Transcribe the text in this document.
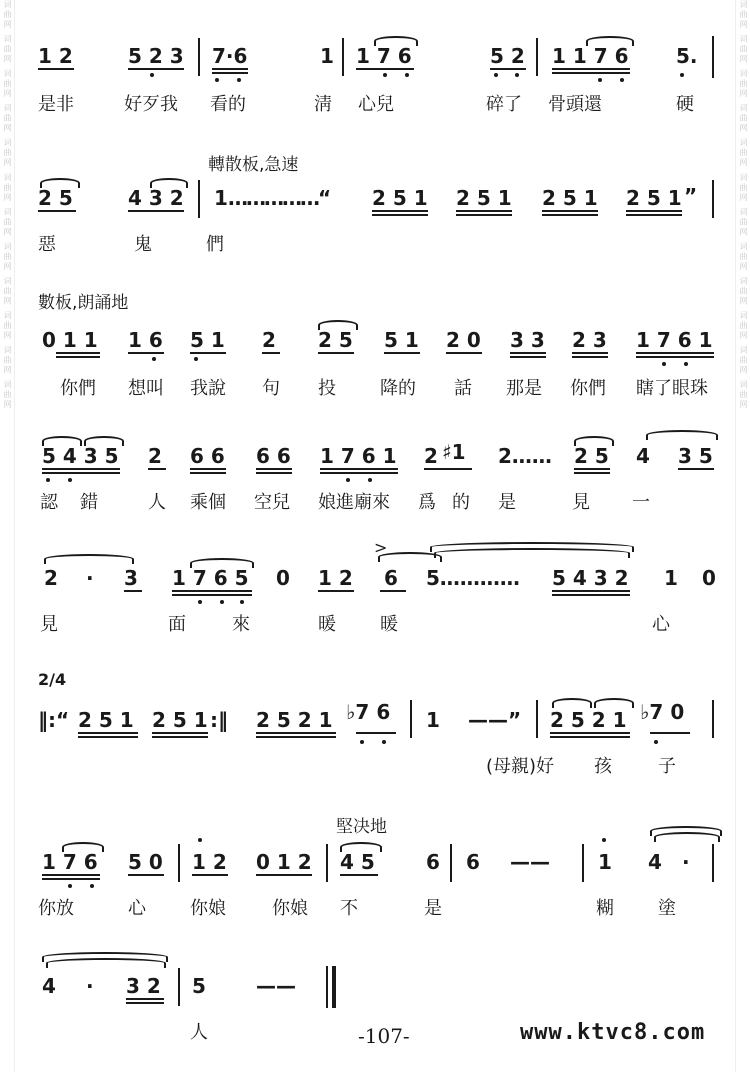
词曲网 词曲网 词曲网 词曲网 词曲网 词曲网 词曲网 词曲网 词曲网 词曲网 词曲网 词曲网	词曲网 词曲网 词曲网 词曲网 词曲网 词曲网 词曲网 词曲网 词曲网 词曲网 词曲网 词曲网
1 2	5 2 3 7·6	1 1 7 6	5 2 1 1 7 6 5.
是非	好歹我 看的	淸 心兒	碎了 骨頭還	硬
轉散板,急速
2 5	4 3 2 1 ……………“ 2 5 1 2 5 1 2 5 1 2 5 1 ”
惡	鬼	們
數板,朗誦地
0 1 1 1 6 5 1 2 2 5 5 1 2 0 3 3 2 3 1 7 6 1
你們 想叫 我說 句 投 降的 話 那是 你們 瞎了眼珠
5 4 3 5 2 6 6 6 6 1 7 6 1 2 ♯1 2…… 2 5 4 3 5
認 錯	人 乘個 空兒 娘進廟來 爲 的 是	見 一
2 · 3 1 7 6 5 0 1 2 6
>
5………… 5 4 3 2 1 0
見	面	來	暖 暖	心
2/4
‖:“ 2 5 1 2 5 1 :‖ 2 5 2 1 ♭7 6 1 ——” 2 5 2 1 ♭7 0
(母親)好 孩	子
堅决地
1 7 6 5 0 1 2 0 1 2 4 5	6 6 —— 1 4 ·
你放	心 你娘	你娘 不	是	糊 塗
4 · 3 2 5	——
人	-107-	www.ktvc8.com
